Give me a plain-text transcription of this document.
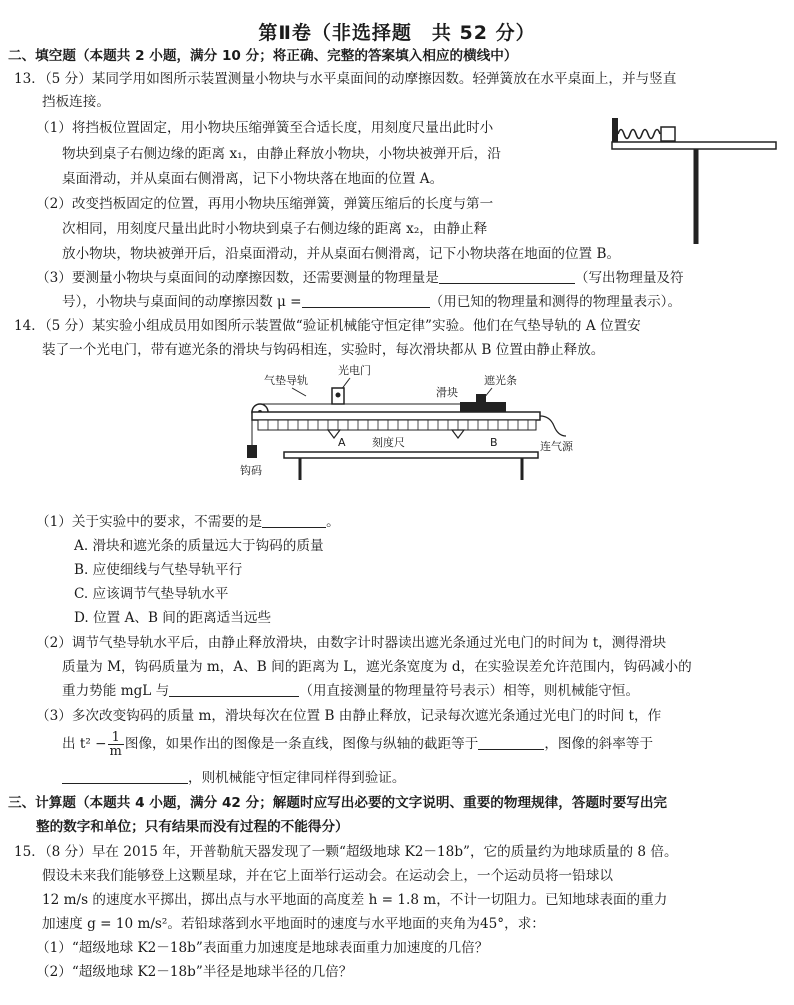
第Ⅱ卷（非选择题　共 52 分）
二、填空题（本题共 2 小题，满分 10 分；将正确、完整的答案填入相应的横线中）
13．（5 分）某同学用如图所示装置测量小物块与水平桌面间的动摩擦因数。轻弹簧放在水平桌面上，并与竖直
挡板连接。
（1）将挡板位置固定，用小物块压缩弹簧至合适长度，用刻度尺量出此时小
物块到桌子右侧边缘的距离 x₁，由静止释放小物块，小物块被弹开后，沿
桌面滑动，并从桌面右侧滑离，记下小物块落在地面的位置 A。
（2）改变挡板固定的位置，再用小物块压缩弹簧，弹簧压缩后的长度与第一
次相同，用刻度尺量出此时小物块到桌子右侧边缘的距离 x₂，由静止释
放小物块，物块被弹开后，沿桌面滑动，并从桌面右侧滑离，记下小物块落在地面的位置 B。
（3）要测量小物块与桌面间的动摩擦因数，还需要测量的物理量是	（写出物理量及符
号），小物块与桌面间的动摩擦因数 μ =	（用已知的物理量和测得的物理量表示）。
14．（5 分）某实验小组成员用如图所示装置做“验证机械能守恒定律”实验。他们在气垫导轨的 A 位置安
装了一个光电门，带有遮光条的滑块与钩码相连，实验时，每次滑块都从 B 位置由静止释放。
光电门
气垫导轨	遮光条
滑块
钩码
A 刻度尺	B	连气源
（1）关于实验中的要求，不需要的是	。
A. 滑块和遮光条的质量远大于钩码的质量
B. 应使细线与气垫导轨平行
C. 应该调节气垫导轨水平
D. 位置 A、B 间的距离适当远些
（2）调节气垫导轨水平后，由静止释放滑块，由数字计时器读出遮光条通过光电门的时间为 t，测得滑块
质量为 M，钩码质量为 m，A、B 间的距离为 L，遮光条宽度为 d，在实验误差允许范围内，钩码减小的
重力势能 mgL 与	（用直接测量的物理量符号表示）相等，则机械能守恒。
（3）多次改变钩码的质量 m，滑块每次在位置 B 由静止释放，记录每次遮光条通过光电门的时间 t，作
出 $t^2 - \frac{1}{m}$ 图像，如果作出的图像是一条直线，图像与纵轴的截距等于	，图像的斜率等于
，则机械能守恒定律同样得到验证。
三、计算题（本题共 4 小题，满分 42 分；解题时应写出必要的文字说明、重要的物理规律，答题时要写出完
整的数字和单位；只有结果而没有过程的不能得分）
15．（8 分）早在 2015 年，开普勒航天器发现了一颗“超级地球 K2－18b”，它的质量约为地球质量的 8 倍。
假设未来我们能够登上这颗星球，并在它上面举行运动会。在运动会上，一个运动员将一铅球以
12 m/s 的速度水平掷出，掷出点与水平地面的高度差 h = 1.8 m，不计一切阻力。已知地球表面的重力
加速度 g = 10 m/s²。若铅球落到水平地面时的速度与水平地面的夹角为45°，求：
（1）“超级地球 K2－18b”表面重力加速度是地球表面重力加速度的几倍？
（2）“超级地球 K2－18b”半径是地球半径的几倍？
